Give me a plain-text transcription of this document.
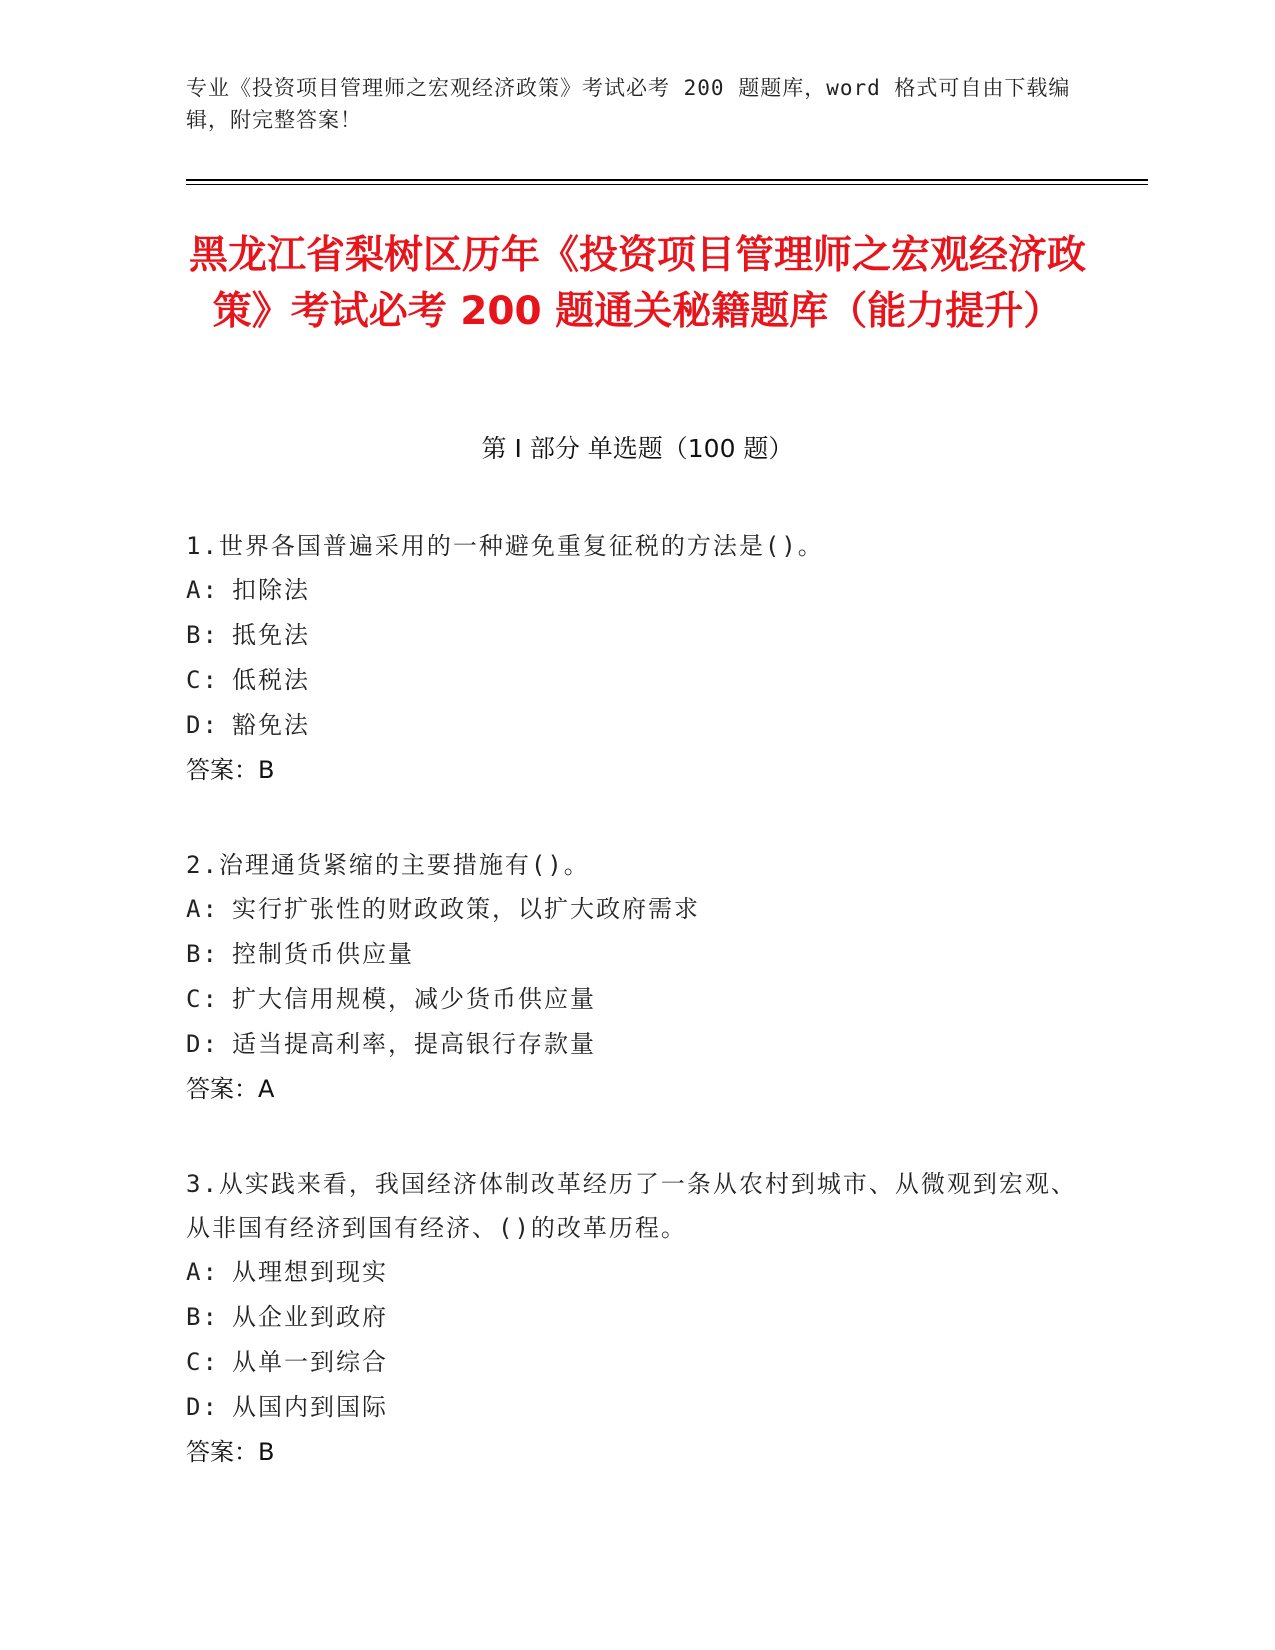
专业《投资项目管理师之宏观经济政策》考试必考 200 题题库，word 格式可自由下载编辑，附完整答案！
黑龙江省梨树区历年《投资项目管理师之宏观经济政策》考试必考 200 题通关秘籍题库（能力提升）
第 I 部分 单选题（100 题）
1.世界各国普遍采用的一种避免重复征税的方法是()。
A: 扣除法
B: 抵免法
C: 低税法
D: 豁免法
答案：B
2.治理通货紧缩的主要措施有()。
A: 实行扩张性的财政政策，以扩大政府需求
B: 控制货币供应量
C: 扩大信用规模，减少货币供应量
D: 适当提高利率，提高银行存款量
答案：A
3.从实践来看，我国经济体制改革经历了一条从农村到城市、从微观到宏观、从非国有经济到国有经济、()的改革历程。
A: 从理想到现实
B: 从企业到政府
C: 从单一到综合
D: 从国内到国际
答案：B
